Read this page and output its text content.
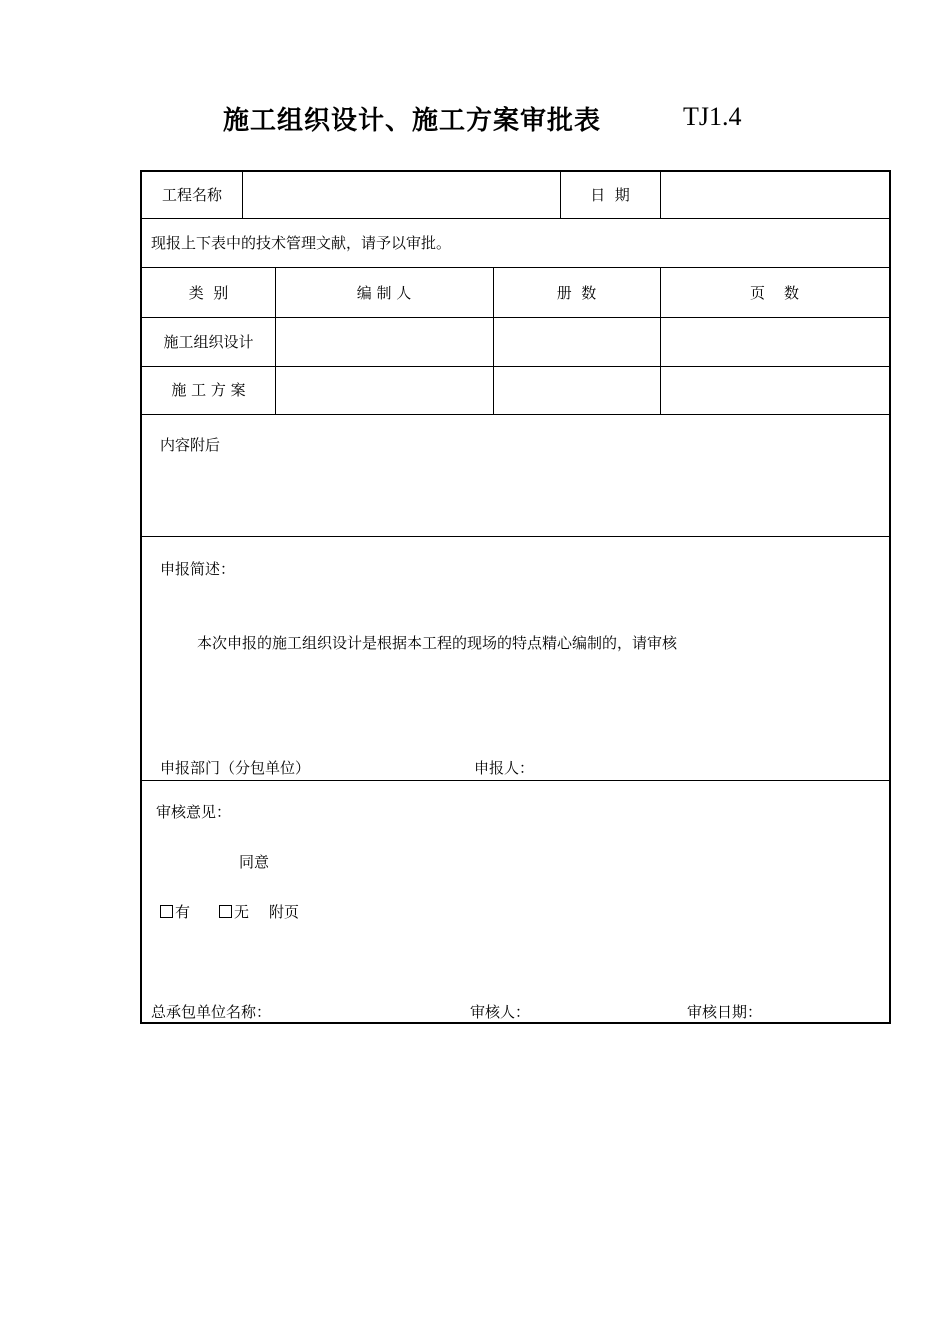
施工组织设计、施工方案审批表	TJ1.4
工程名称	日  期
现报上下表中的技术管理文献，请予以审批。
类  别	编 制 人	册  数	页    数
施工组织设计
施 工 方 案
内容附后
申报简述：
本次申报的施工组织设计是根据本工程的现场的特点精心编制的，请审核
申报部门（分包单位）	申报人：
审核意见：
同意
有	无 附页
总承包单位名称：	审核人：	审核日期：
